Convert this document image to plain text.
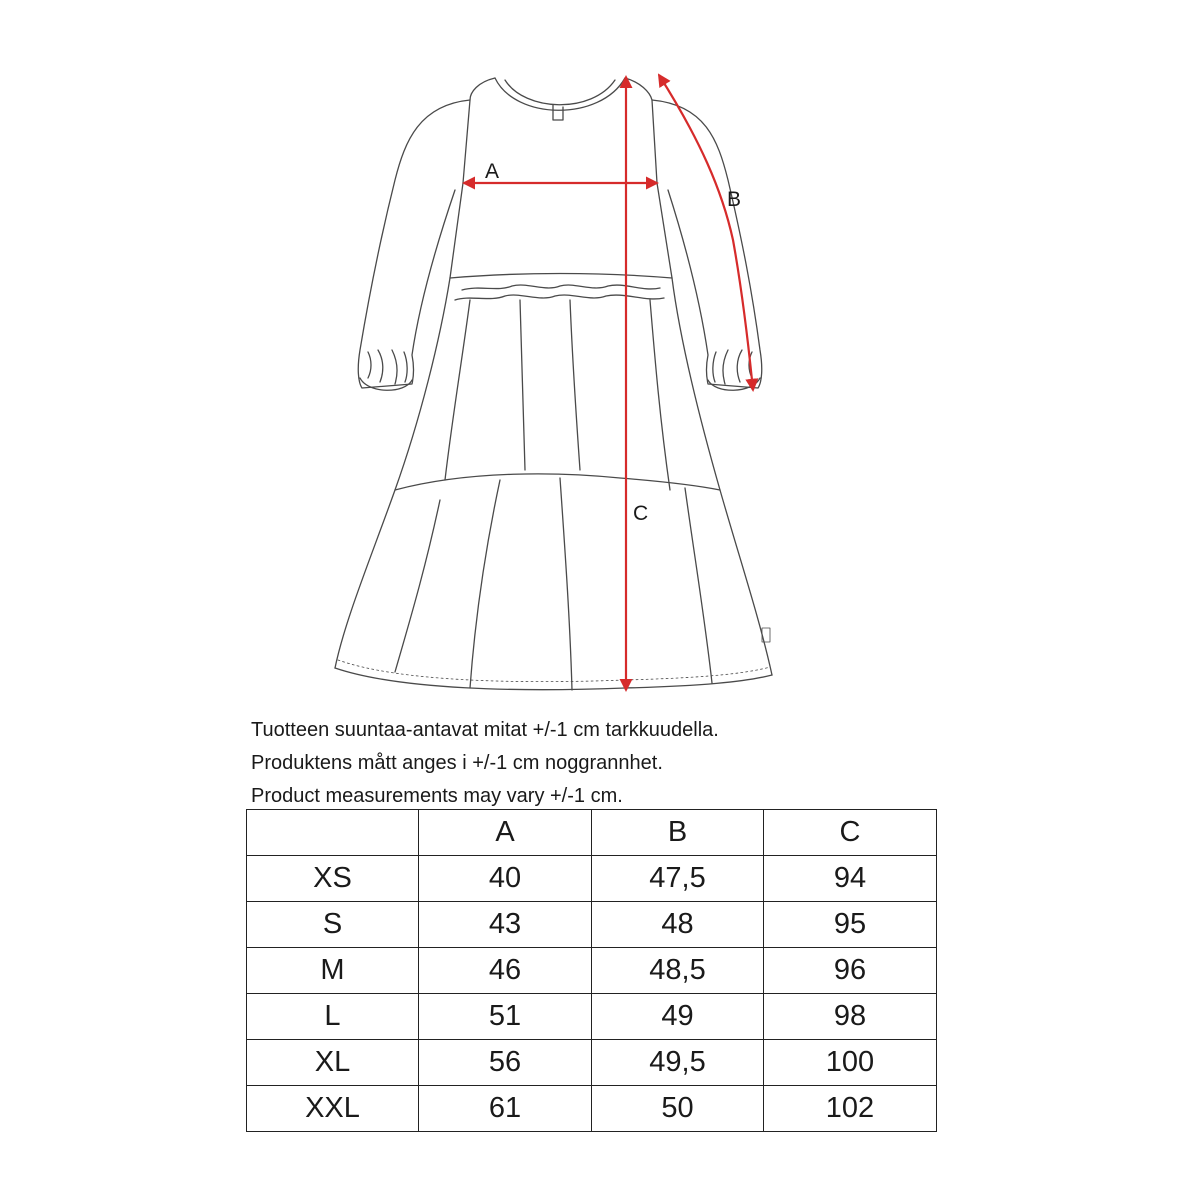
A
B
C
Tuotteen suuntaa-antavat mitat +/-1 cm tarkkuudella.
Produktens mått anges i +/-1 cm noggrannhet.
Product measurements may vary +/-1 cm.
	A	B	C
XS	40	47,5	94
S	43	48	95
M	46	48,5	96
L	51	49	98
XL	56	49,5	100
XXL	61	50	102
